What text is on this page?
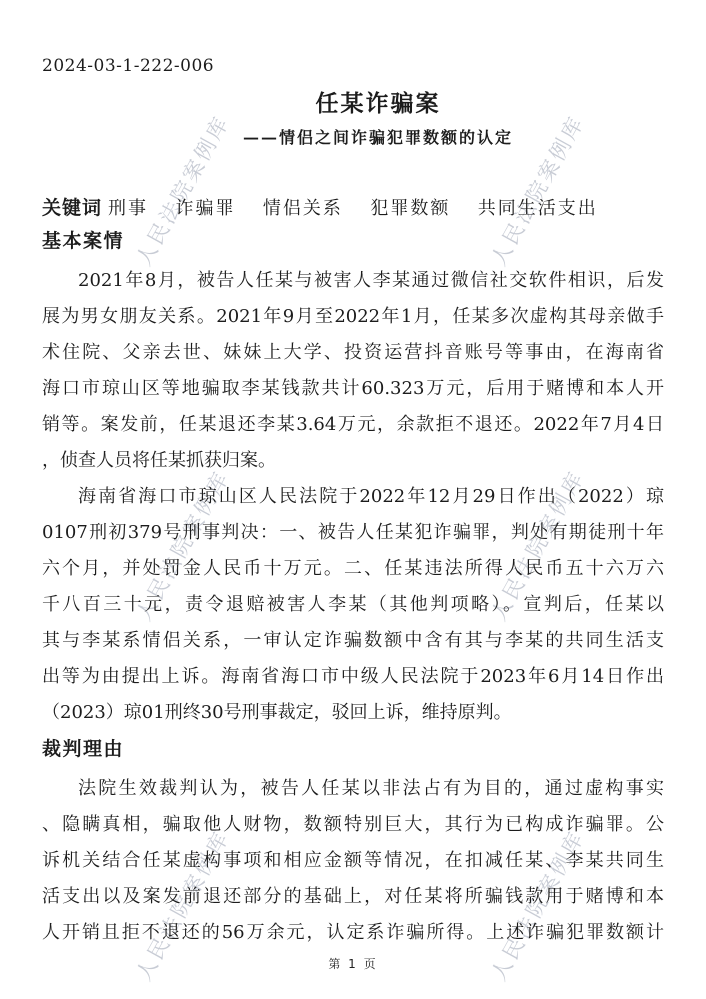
人民法院案例库	人民法院案例库
人民法院案例库	人民法院案例库
人民法院案例库	人民法院案例库
2024-03-1-222-006
任某诈骗案
——情侣之间诈骗犯罪数额的认定
关键词 刑事  诈骗罪  情侣关系  犯罪数额  共同生活支出
基本案情
2021年8月，被告人任某与被害人李某通过微信社交软件相识，后发
展为男女朋友关系。2021年9月至2022年1月，任某多次虚构其母亲做手
术住院、父亲去世、妹妹上大学、投资运营抖音账号等事由，在海南省
海口市琼山区等地骗取李某钱款共计60.323万元，后用于赌博和本人开
销等。案发前，任某退还李某3.64万元，余款拒不退还。2022年7月4日
，侦查人员将任某抓获归案。
海南省海口市琼山区人民法院于2022年12月29日作出（2022）琼
0107刑初379号刑事判决：一、被告人任某犯诈骗罪，判处有期徒刑十年
六个月，并处罚金人民币十万元。二、任某违法所得人民币五十六万六
千八百三十元，责令退赔被害人李某（其他判项略）。宣判后，任某以
其与李某系情侣关系，一审认定诈骗数额中含有其与李某的共同生活支
出等为由提出上诉。海南省海口市中级人民法院于2023年6月14日作出
（2023）琼01刑终30号刑事裁定，驳回上诉，维持原判。
裁判理由
法院生效裁判认为，被告人任某以非法占有为目的，通过虚构事实
、隐瞒真相，骗取他人财物，数额特别巨大，其行为已构成诈骗罪。公
诉机关结合任某虚构事项和相应金额等情况，在扣减任某、李某共同生
活支出以及案发前退还部分的基础上，对任某将所骗钱款用于赌博和本
人开销且拒不退还的56万余元，认定系诈骗所得。上述诈骗犯罪数额计
第 1 页
